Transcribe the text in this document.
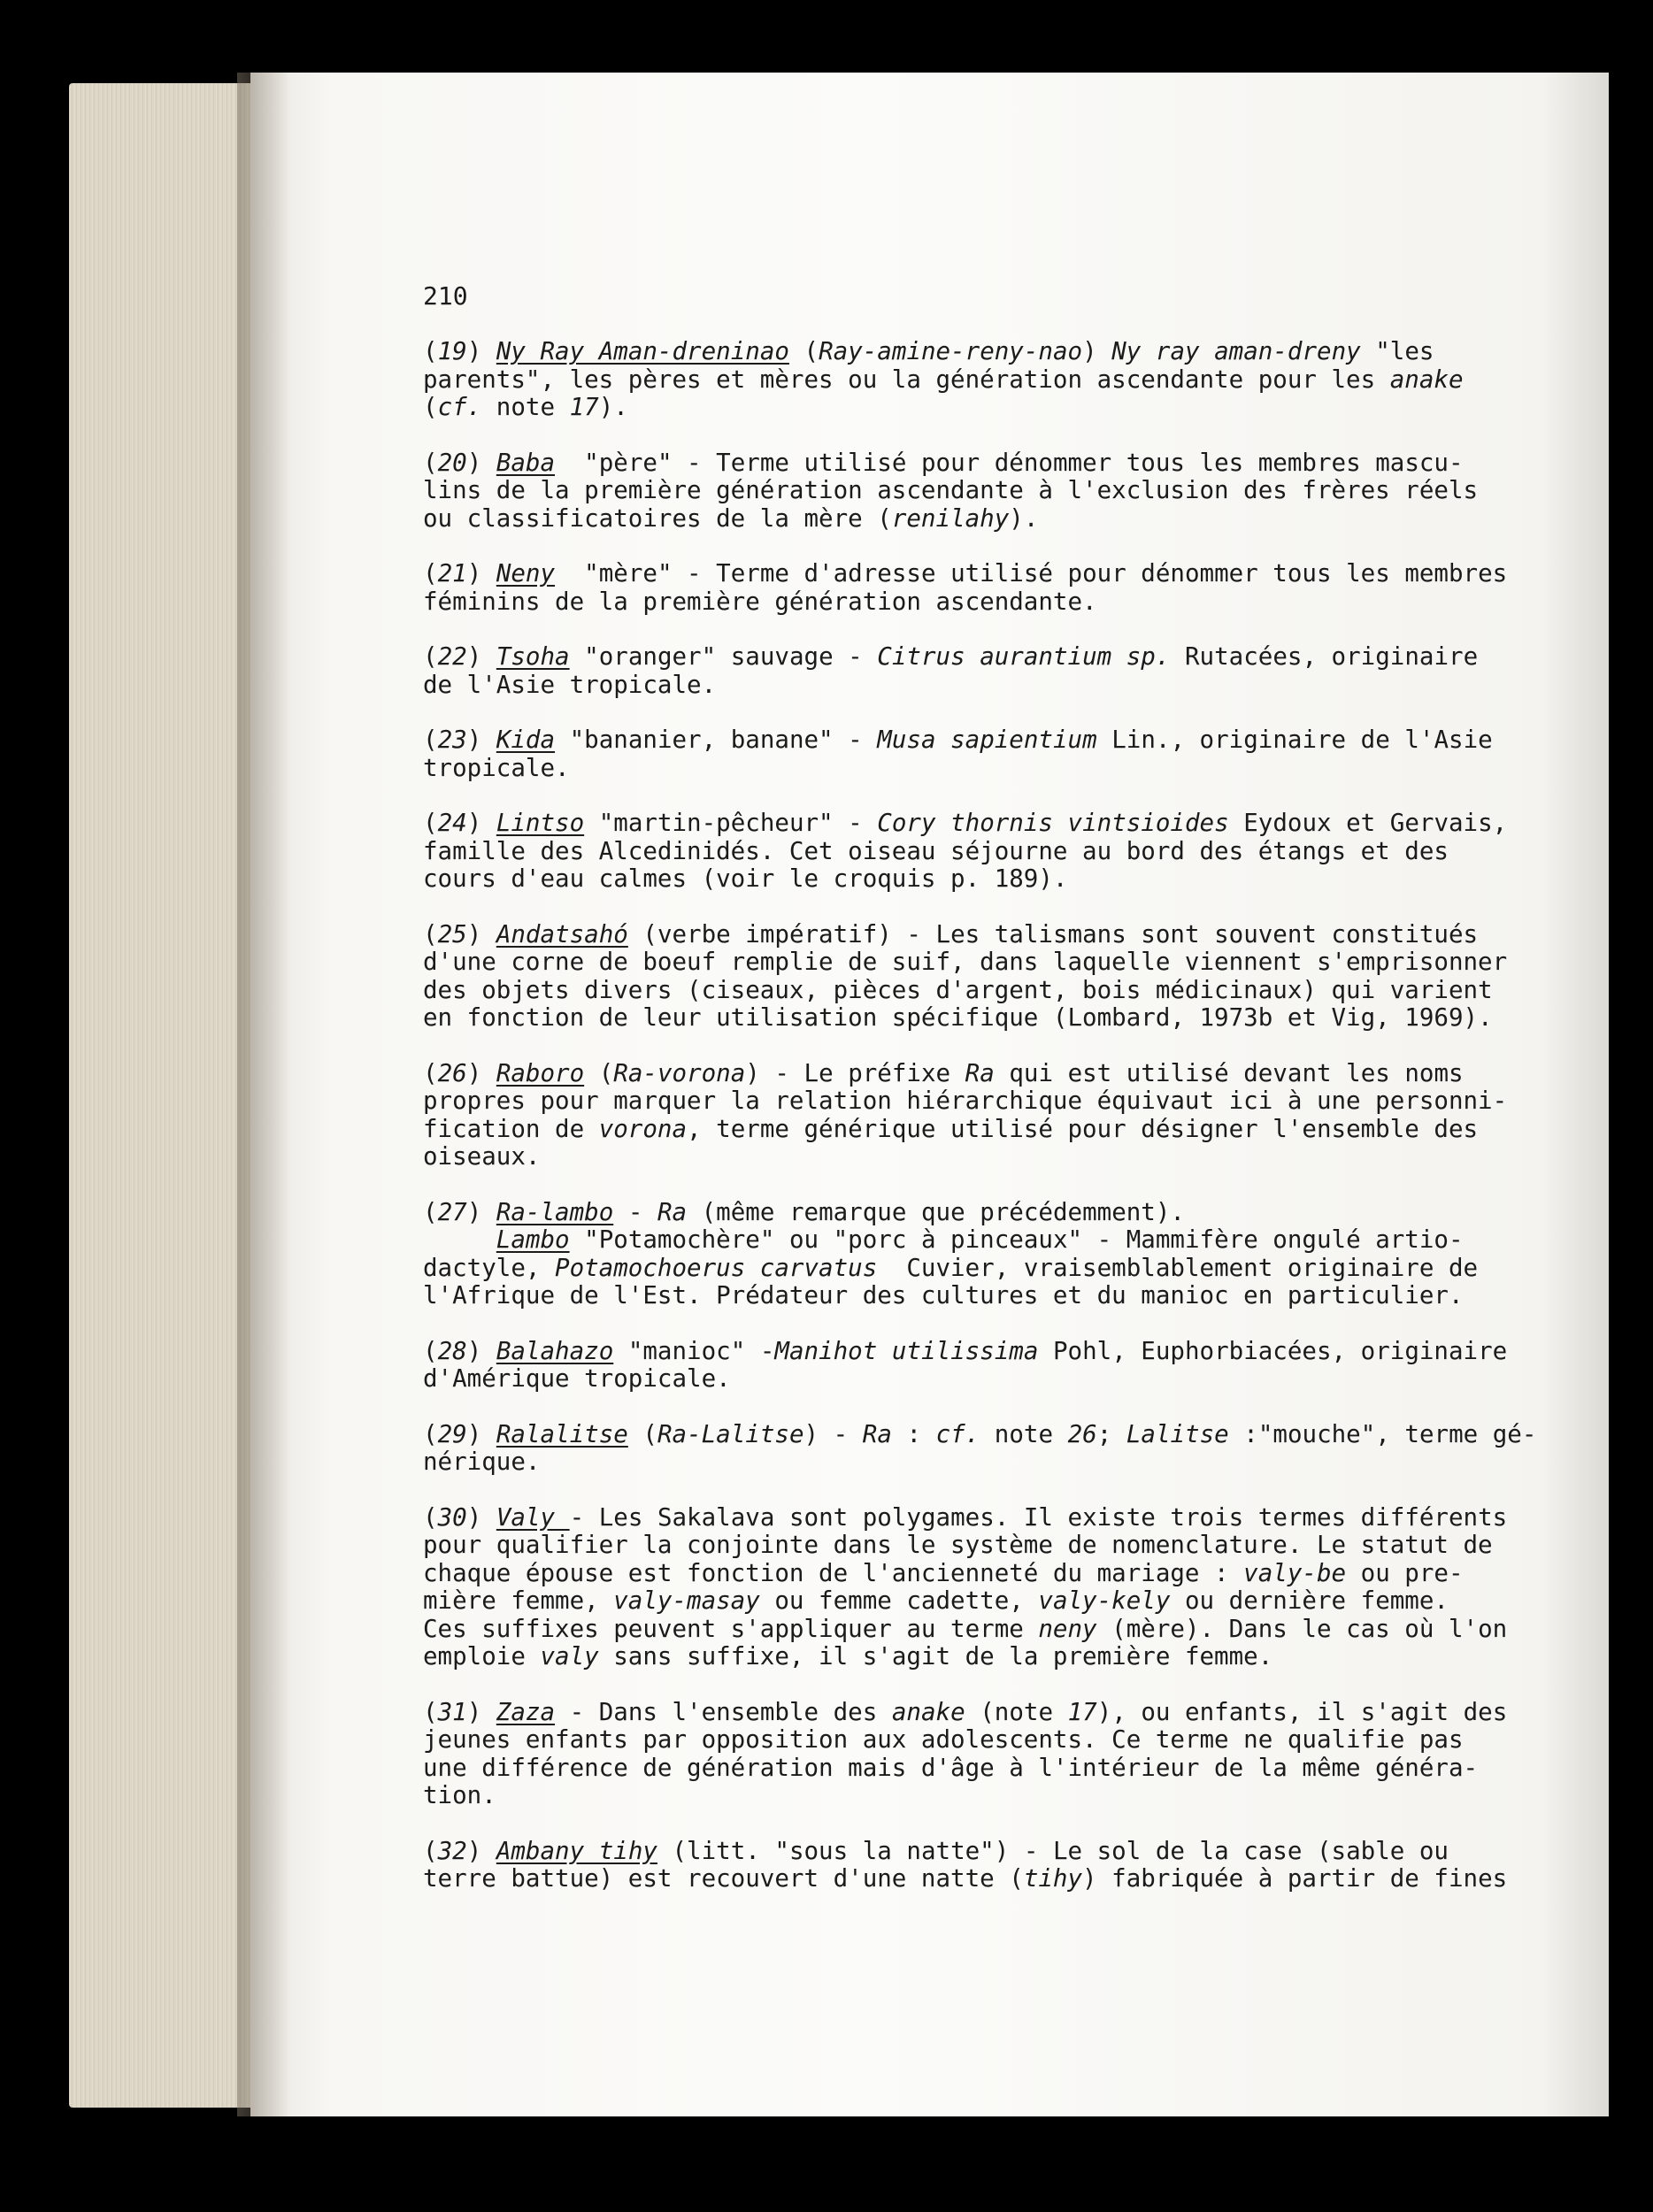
210
(19) Ny Ray Aman-dreninao (Ray-amine-reny-nao) Ny ray aman-dreny "les
parents", les pères et mères ou la génération ascendante pour les anake
(cf. note 17).
(20) Baba  "père" - Terme utilisé pour dénommer tous les membres mascu-
lins de la première génération ascendante à l'exclusion des frères réels
ou classificatoires de la mère (renilahy).
(21) Neny  "mère" - Terme d'adresse utilisé pour dénommer tous les membres
féminins de la première génération ascendante.
(22) Tsoha "oranger" sauvage - Citrus aurantium sp. Rutacées, originaire
de l'Asie tropicale.
(23) Kida "bananier, banane" - Musa sapientium Lin., originaire de l'Asie
tropicale.
(24) Lintso "martin-pêcheur" - Cory thornis vintsioides Eydoux et Gervais,
famille des Alcedinidés. Cet oiseau séjourne au bord des étangs et des
cours d'eau calmes (voir le croquis p. 189).
(25) Andatsahó (verbe impératif) - Les talismans sont souvent constitués
d'une corne de boeuf remplie de suif, dans laquelle viennent s'emprisonner
des objets divers (ciseaux, pièces d'argent, bois médicinaux) qui varient
en fonction de leur utilisation spécifique (Lombard, 1973b et Vig, 1969).
(26) Raboro (Ra-vorona) - Le préfixe Ra qui est utilisé devant les noms
propres pour marquer la relation hiérarchique équivaut ici à une personni-
fication de vorona, terme générique utilisé pour désigner l'ensemble des
oiseaux.
(27) Ra-lambo - Ra (même remarque que précédemment).
Lambo "Potamochère" ou "porc à pinceaux" - Mammifère ongulé artio-
dactyle, Potamochoerus carvatus  Cuvier, vraisemblablement originaire de
l'Afrique de l'Est. Prédateur des cultures et du manioc en particulier.
(28) Balahazo "manioc" -Manihot utilissima Pohl, Euphorbiacées, originaire
d'Amérique tropicale.
(29) Ralalitse (Ra-Lalitse) - Ra : cf. note 26; Lalitse :"mouche", terme gé-
nérique.
(30) Valy - Les Sakalava sont polygames. Il existe trois termes différents
pour qualifier la conjointe dans le système de nomenclature. Le statut de
chaque épouse est fonction de l'ancienneté du mariage : valy-be ou pre-
mière femme, valy-masay ou femme cadette, valy-kely ou dernière femme.
Ces suffixes peuvent s'appliquer au terme neny (mère). Dans le cas où l'on
emploie valy sans suffixe, il s'agit de la première femme.
(31) Zaza - Dans l'ensemble des anake (note 17), ou enfants, il s'agit des
jeunes enfants par opposition aux adolescents. Ce terme ne qualifie pas
une différence de génération mais d'âge à l'intérieur de la même généra-
tion.
(32) Ambany tihy (litt. "sous la natte") - Le sol de la case (sable ou
terre battue) est recouvert d'une natte (tihy) fabriquée à partir de fines
